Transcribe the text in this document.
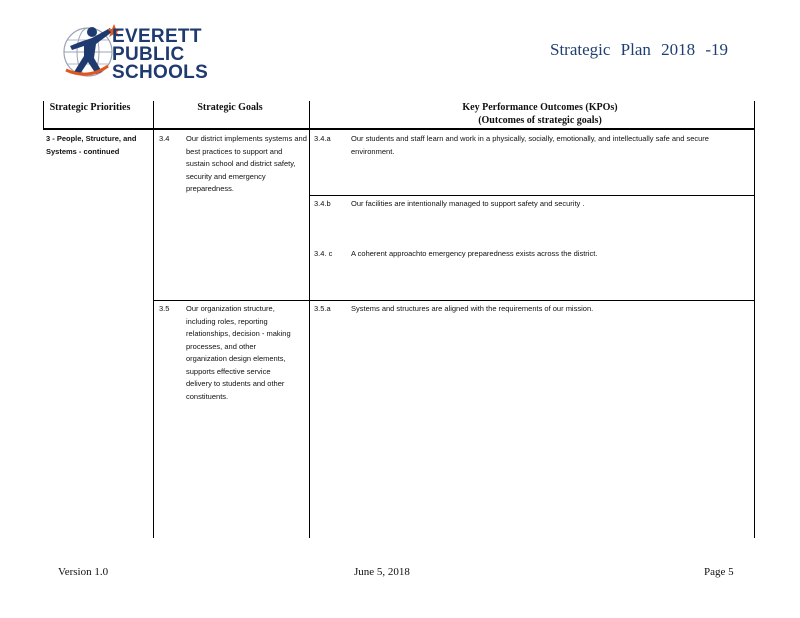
EVERETT
PUBLIC
SCHOOLS
Strategic Plan 2018 -19
Strategic Priorities	Strategic Goals	Key Performance Outcomes (KPOs)
(Outcomes of strategic goals)
3 - People, Structure, and Systems - continued
3.4 Our district implements systems and best practices to support and sustain school and district safety, security and emergency preparedness.
3.4.a	Our students and staff learn and work in a physically, socially, emotionally, and intellectually safe and secure environment.
3.4.b	Our facilities are intentionally managed to support safety and security .
3.4. c A coherent approachto emergency preparedness exists across the district.
3.5 Our organization structure, including roles, reporting relationships, decision - making processes, and other organization design elements, supports effective service delivery to students and other constituents.
3.5.a	Systems and structures are aligned with the requirements of our mission.
Version 1.0	June 5, 2018	Page 5
